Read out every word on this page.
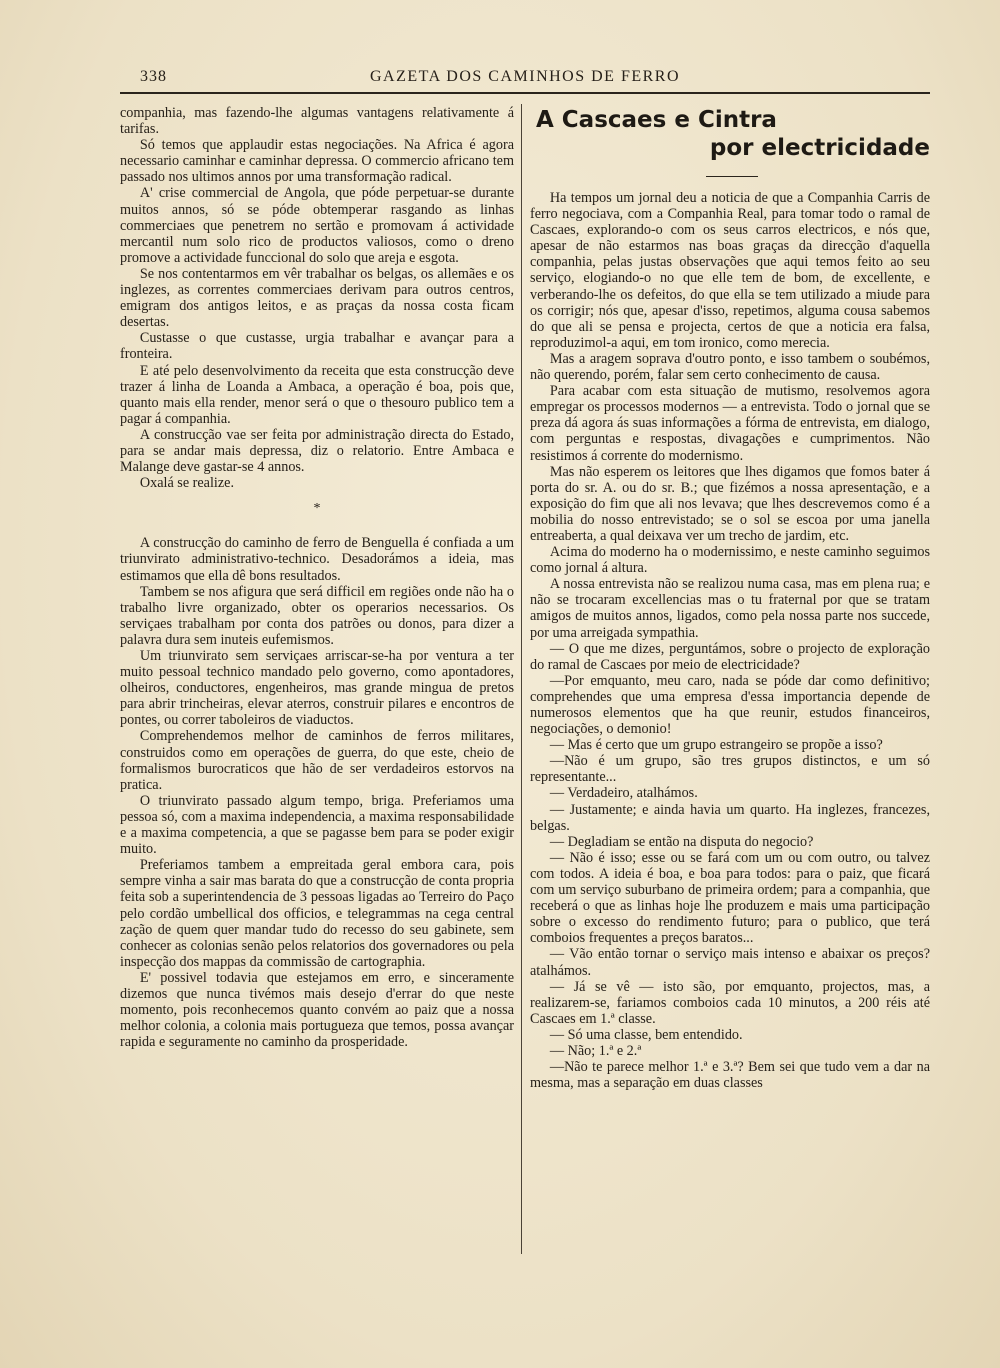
338	GAZETA DOS CAMINHOS DE FERRO

companhia, mas fazendo-lhe algumas vantagens relativamente á tarifas.

Só temos que applaudir estas negociações. Na Africa é agora necessario caminhar e caminhar depressa. O commercio africano tem passado nos ultimos annos por uma transformação radical.

A' crise commercial de Angola, que póde perpetuar-se durante muitos annos, só se póde obtemperar rasgando as linhas commerciaes que penetrem no sertão e promovam á actividade mercantil num solo rico de productos valiosos, como o dreno promove a actividade funccional do solo que areja e esgota.

Se nos contentarmos em vêr trabalhar os belgas, os allemães e os inglezes, as correntes commerciaes derivam para outros centros, emigram dos antigos leitos, e as praças da nossa costa ficam desertas.

Custasse o que custasse, urgia trabalhar e avançar para a fronteira.

E até pelo desenvolvimento da receita que esta construcção deve trazer á linha de Loanda a Ambaca, a operação é boa, pois que, quanto mais ella render, menor será o que o thesouro publico tem a pagar á companhia.

A construcção vae ser feita por administração directa do Estado, para se andar mais depressa, diz o relatorio. Entre Ambaca e Malange deve gastar-se 4 annos.

Oxalá se realize.

*

A construcção do caminho de ferro de Benguella é confiada a um triunvirato administrativo-technico. Desadorámos a ideia, mas estimamos que ella dê bons resultados.

Tambem se nos afigura que será difficil em regiões onde não ha o trabalho livre organizado, obter os operarios necessarios. Os serviçaes trabalham por conta dos patrões ou donos, para dizer a palavra dura sem inuteis eufemismos.

Um triunvirato sem serviçaes arriscar-se-ha por ventura a ter muito pessoal technico mandado pelo governo, como apontadores, olheiros, conductores, engenheiros, mas grande mingua de pretos para abrir trincheiras, elevar aterros, construir pilares e encontros de pontes, ou correr taboleiros de viaductos.

Comprehendemos melhor de caminhos de ferros militares, construidos como em operações de guerra, do que este, cheio de formalismos burocraticos que hão de ser verdadeiros estorvos na pratica.

O triunvirato passado algum tempo, briga. Preferiamos uma pessoa só, com a maxima independencia, a maxima responsabilidade e a maxima competencia, a que se pagasse bem para se poder exigir muito.

Preferiamos tambem a empreitada geral embora cara, pois sempre vinha a sair mas barata do que a construcção de conta propria feita sob a superintendencia de 3 pessoas ligadas ao Terreiro do Paço pelo cordão umbellical dos officios, e telegrammas na cega central zação de quem quer mandar tudo do recesso do seu gabinete, sem conhecer as colonias senão pelos relatorios dos governadores ou pela inspecção dos mappas da commissão de cartographia.

E' possivel todavia que estejamos em erro, e sinceramente dizemos que nunca tivémos mais desejo d'errar do que neste momento, pois reconhecemos quanto convém ao paiz que a nossa melhor colonia, a colonia mais portugueza que temos, possa avançar rapida e seguramente no caminho da prosperidade.

A Cascaes e Cintra
por electricidade

Ha tempos um jornal deu a noticia de que a Companhia Carris de ferro negociava, com a Companhia Real, para tomar todo o ramal de Cascaes, explorando-o com os seus carros electricos, e nós que, apesar de não estarmos nas boas graças da direcção d'aquella companhia, pelas justas observações que aqui temos feito ao seu serviço, elogiando-o no que elle tem de bom, de excellente, e verberando-lhe os defeitos, do que ella se tem utilizado a miude para os corrigir; nós que, apesar d'isso, repetimos, alguma cousa sabemos do que ali se pensa e projecta, certos de que a noticia era falsa, reproduzimol-a aqui, em tom ironico, como merecia.

Mas a aragem soprava d'outro ponto, e isso tambem o soubémos, não querendo, porém, falar sem certo conhecimento de causa.

Para acabar com esta situação de mutismo, resolvemos agora empregar os processos modernos — a entrevista. Todo o jornal que se preza dá agora ás suas informações a fórma de entrevista, em dialogo, com perguntas e respostas, divagações e cumprimentos. Não resistimos á corrente do modernismo.

Mas não esperem os leitores que lhes digamos que fomos bater á porta do sr. A. ou do sr. B.; que fizémos a nossa apresentação, e a exposição do fim que ali nos levava; que lhes descrevemos como é a mobilia do nosso entrevistado; se o sol se escoa por uma janella entreaberta, a qual deixava ver um trecho de jardim, etc.

Acima do moderno ha o modernissimo, e neste caminho seguimos como jornal á altura.

A nossa entrevista não se realizou numa casa, mas em plena rua; e não se trocaram excellencias mas o tu fraternal por que se tratam amigos de muitos annos, ligados, como pela nossa parte nos succede, por uma arreigada sympathia.

— O que me dizes, perguntámos, sobre o projecto de exploração do ramal de Cascaes por meio de electricidade?

—Por emquanto, meu caro, nada se póde dar como definitivo; comprehendes que uma empresa d'essa importancia depende de numerosos elementos que ha que reunir, estudos financeiros, negociações, o demonio!

— Mas é certo que um grupo estrangeiro se propõe a isso?

—Não é um grupo, são tres grupos distinctos, e um só representante...

— Verdadeiro, atalhámos.

— Justamente; e ainda havia um quarto. Ha inglezes, francezes, belgas.

— Degladiam se então na disputa do negocio?

— Não é isso; esse ou se fará com um ou com outro, ou talvez com todos. A ideia é boa, e boa para todos: para o paiz, que ficará com um serviço suburbano de primeira ordem; para a companhia, que receberá o que as linhas hoje lhe produzem e mais uma participação sobre o excesso do rendimento futuro; para o publico, que terá comboios frequentes a preços baratos...

— Vão então tornar o serviço mais intenso e abaixar os preços? atalhámos.

— Já se vê — isto são, por emquanto, projectos, mas, a realizarem-se, fariamos comboios cada 10 minutos, a 200 réis até Cascaes em 1.ª classe.

— Só uma classe, bem entendido.

— Não; 1.ª e 2.ª

—Não te parece melhor 1.ª e 3.ª? Bem sei que tudo vem a dar na mesma, mas a separação em duas classes
